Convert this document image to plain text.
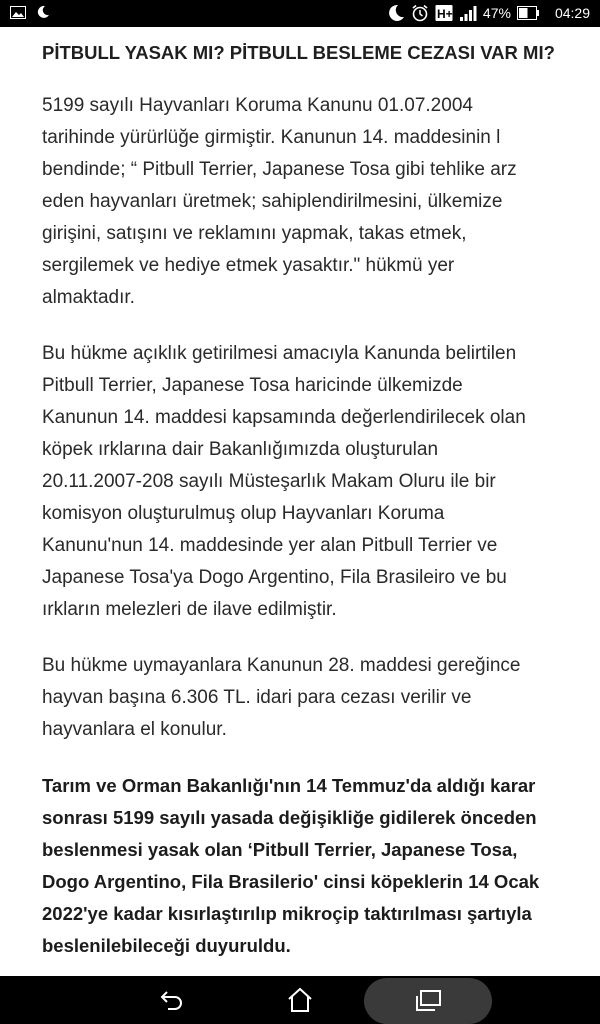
H+ 47%	04:29
PİTBULL YASAK MI? PİTBULL BESLEME CEZASI VAR MI?

5199 sayılı Hayvanları Koruma Kanunu 01.07.2004
tarihinde yürürlüğe girmiştir. Kanunun 14. maddesinin l
bendinde; “ Pitbull Terrier, Japanese Tosa gibi tehlike arz
eden hayvanları üretmek; sahiplendirilmesini, ülkemize
girişini, satışını ve reklamını yapmak, takas etmek,
sergilemek ve hediye etmek yasaktır." hükmü yer
almaktadır.

Bu hükme açıklık getirilmesi amacıyla Kanunda belirtilen
Pitbull Terrier, Japanese Tosa haricinde ülkemizde
Kanunun 14. maddesi kapsamında değerlendirilecek olan
köpek ırklarına dair Bakanlığımızda oluşturulan
20.11.2007-208 sayılı Müsteşarlık Makam Oluru ile bir
komisyon oluşturulmuş olup Hayvanları Koruma
Kanunu'nun 14. maddesinde yer alan Pitbull Terrier ve
Japanese Tosa'ya Dogo Argentino, Fila Brasileiro ve bu
ırkların melezleri de ilave edilmiştir.

Bu hükme uymayanlara Kanunun 28. maddesi gereğince
hayvan başına 6.306 TL. idari para cezası verilir ve
hayvanlara el konulur.

Tarım ve Orman Bakanlığı'nın 14 Temmuz'da aldığı karar
sonrası 5199 sayılı yasada değişikliğe gidilerek önceden
beslenmesi yasak olan ‘Pitbull Terrier, Japanese Tosa,
Dogo Argentino, Fila Brasilerio' cinsi köpeklerin 14 Ocak
2022'ye kadar kısırlaştırılıp mikroçip taktırılması şartıyla
beslenilebileceği duyuruldu.
